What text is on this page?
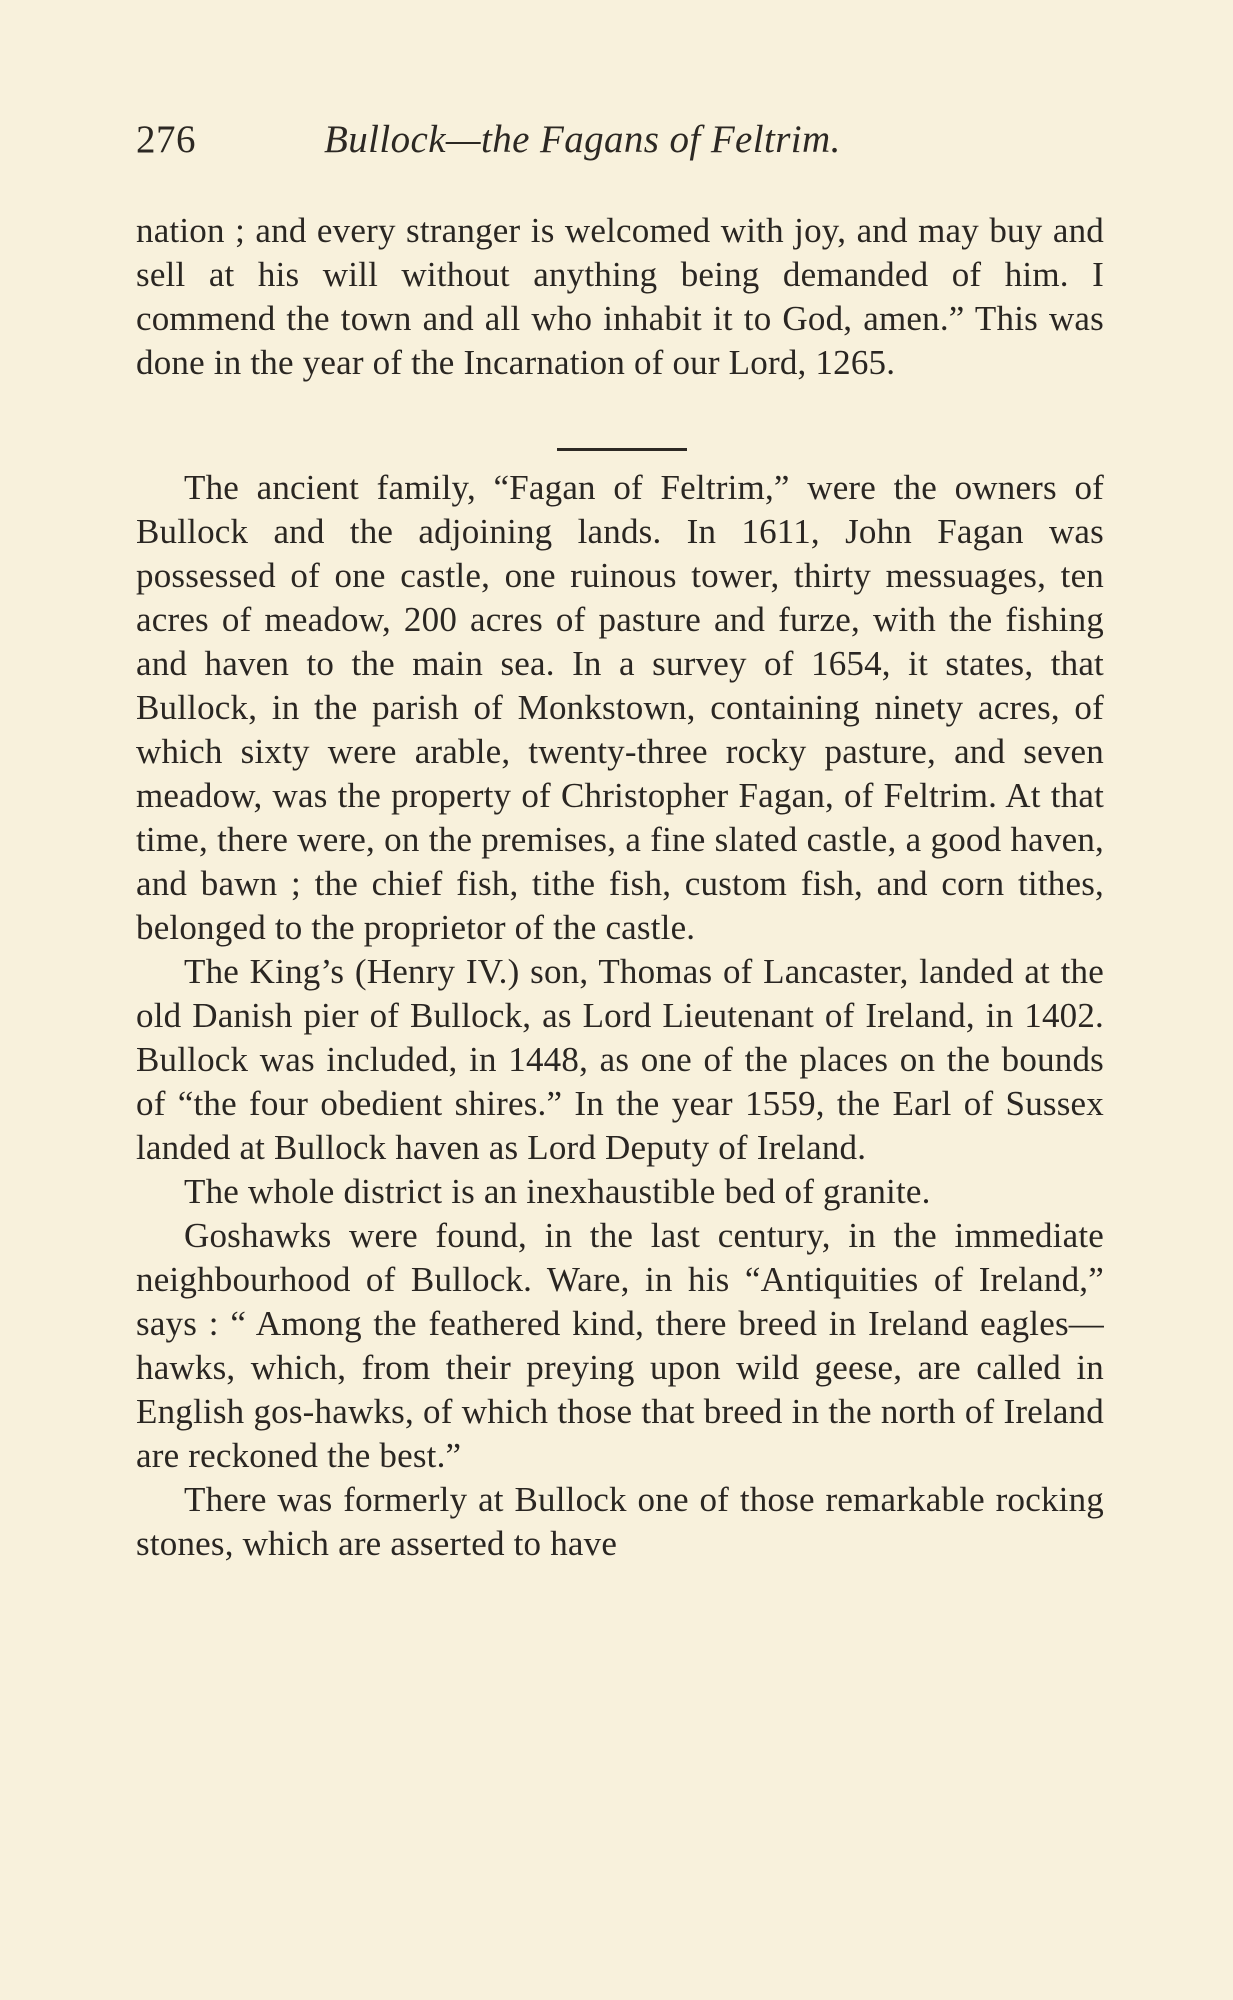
276	Bullock—the Fagans of Feltrim.

nation ; and every stranger is welcomed with joy, and may buy and sell at his will without anything being demanded of him. I commend the town and all who inhabit it to God, amen.” This was done in the year of the Incarnation of our Lord, 1265.

The ancient family, “Fagan of Feltrim,” were the owners of Bullock and the adjoining lands. In 1611, John Fagan was possessed of one castle, one ruinous tower, thirty messuages, ten acres of meadow, 200 acres of pasture and furze, with the fishing and haven to the main sea. In a survey of 1654, it states, that Bullock, in the parish of Monkstown, containing ninety acres, of which sixty were arable, twenty-three rocky pasture, and seven meadow, was the property of Christopher Fagan, of Feltrim. At that time, there were, on the premises, a fine slated castle, a good haven, and bawn ; the chief fish, tithe fish, custom fish, and corn tithes, belonged to the proprietor of the castle.

The King’s (Henry IV.) son, Thomas of Lancaster, landed at the old Danish pier of Bullock, as Lord Lieutenant of Ireland, in 1402. Bullock was included, in 1448, as one of the places on the bounds of “the four obedient shires.” In the year 1559, the Earl of Sussex landed at Bullock haven as Lord Deputy of Ireland.

The whole district is an inexhaustible bed of granite.

Goshawks were found, in the last century, in the immediate neighbourhood of Bullock. Ware, in his “Antiquities of Ireland,” says : “ Among the feathered kind, there breed in Ireland eagles—hawks, which, from their preying upon wild geese, are called in English gos-hawks, of which those that breed in the north of Ireland are reckoned the best.”

There was formerly at Bullock one of those remarkable rocking stones, which are asserted to have
